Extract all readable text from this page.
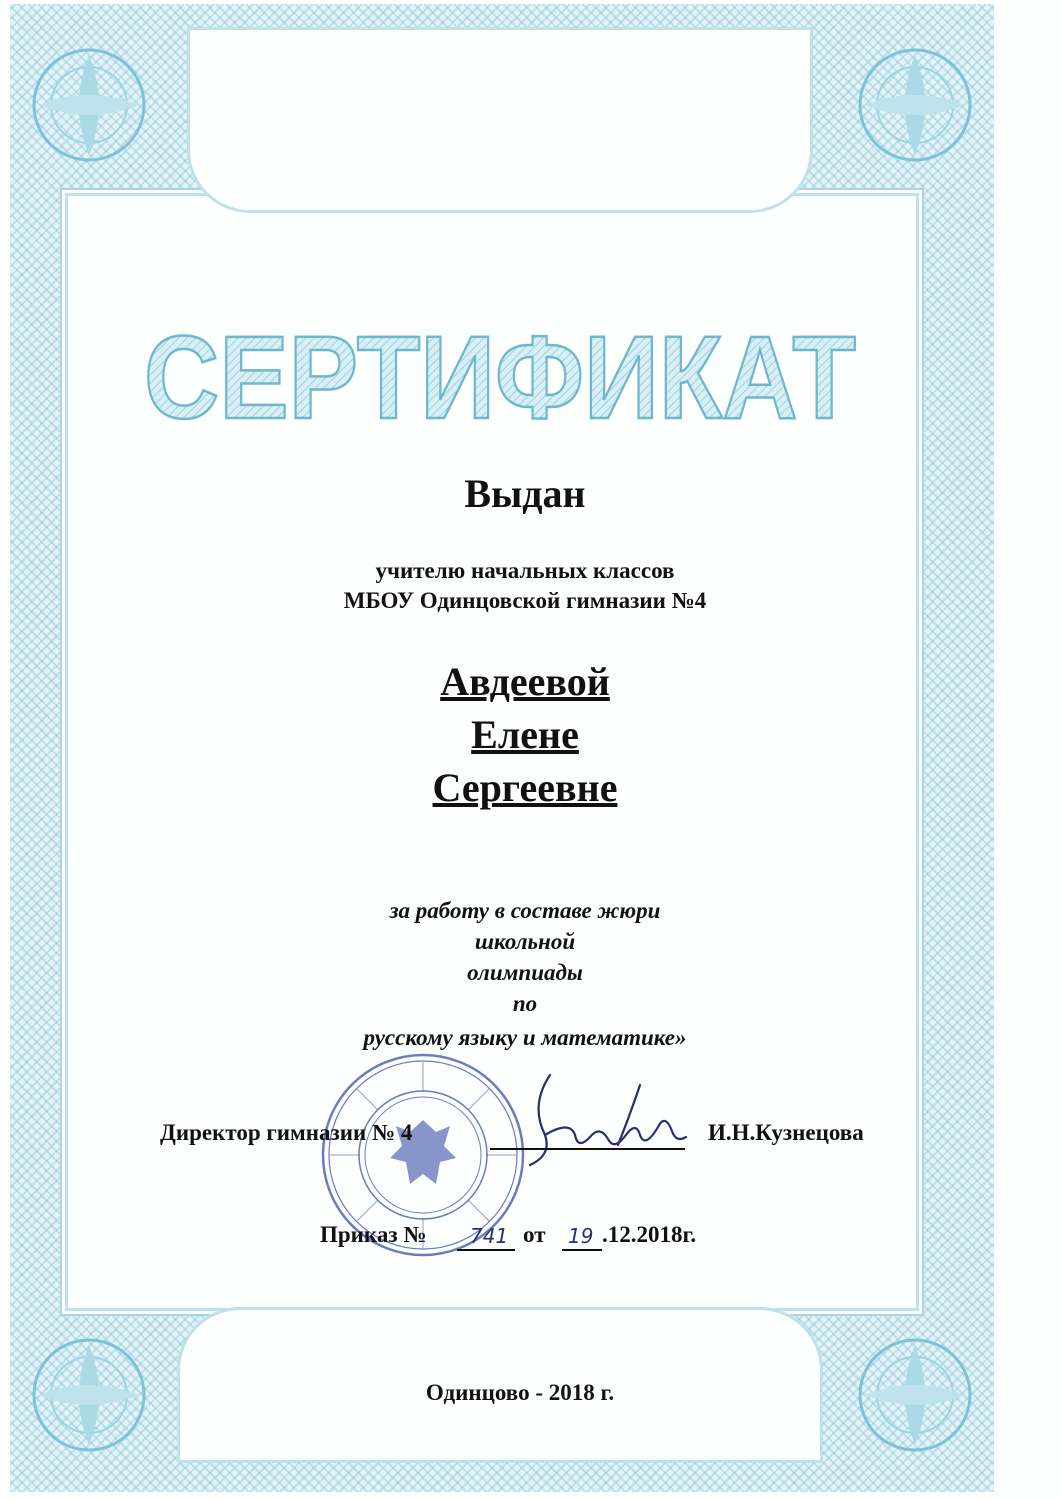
СЕРТИФИКАТ
Выдан
учителю начальных классов
МБОУ Одинцовской гимназии №4
Авдеевой
Елене
Сергеевне
за работу в составе жюри
школьной
олимпиады
по
русскому языку и математике»
Директор гимназии № 4	И.Н.Кузнецова
Приказ № 741 от 19 .12.2018г.
Одинцово - 2018 г.
